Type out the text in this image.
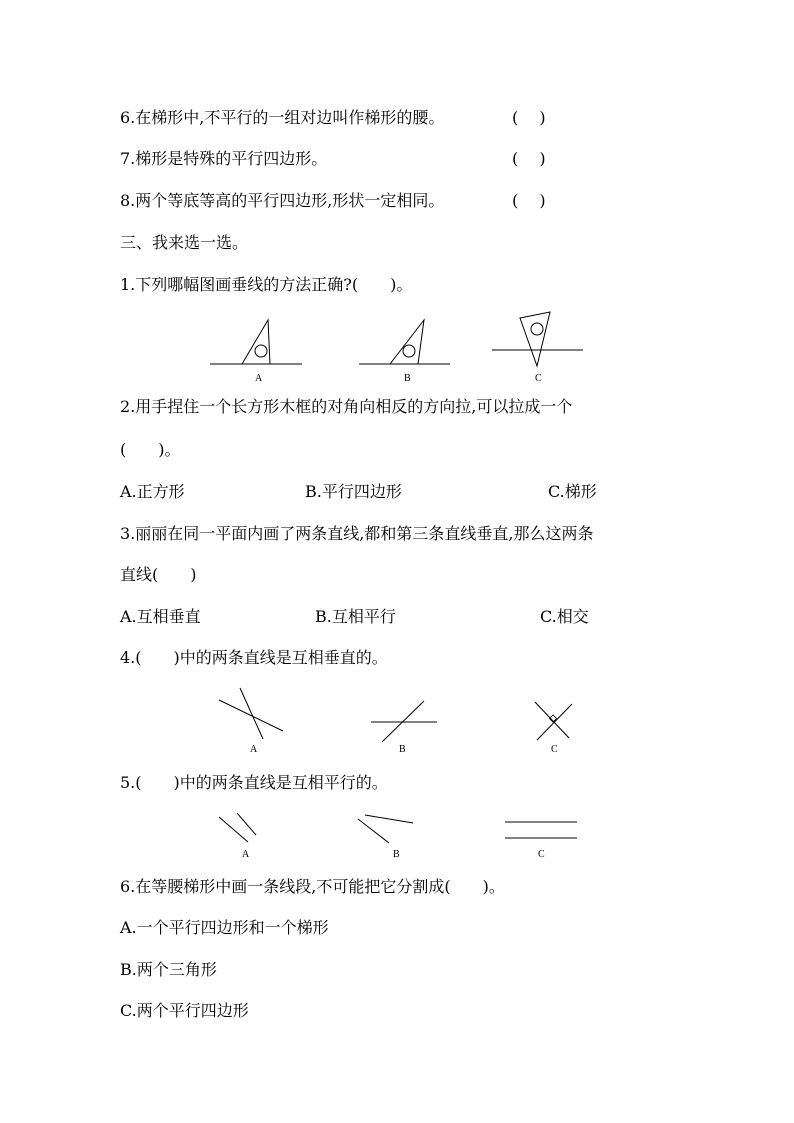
6.在梯形中,不平行的一组对边叫作梯形的腰。	(　 )
7.梯形是特殊的平行四边形。	(　 )
8.两个等底等高的平行四边形,形状一定相同。	(　 )
三、我来选一选。
1.下列哪幅图画垂线的方法正确?(　　)。
A	B	C
2.用手捏住一个长方形木框的对角向相反的方向拉,可以拉成一个
(　　)。
A.正方形	B.平行四边形	C.梯形
3.丽丽在同一平面内画了两条直线,都和第三条直线垂直,那么这两条
直线(　　)
A.互相垂直	B.互相平行	C.相交
4.(　　)中的两条直线是互相垂直的。
A	B	C
5.(　　)中的两条直线是互相平行的。
A	B	C
6.在等腰梯形中画一条线段,不可能把它分割成(　　)。
A.一个平行四边形和一个梯形
B.两个三角形
C.两个平行四边形
